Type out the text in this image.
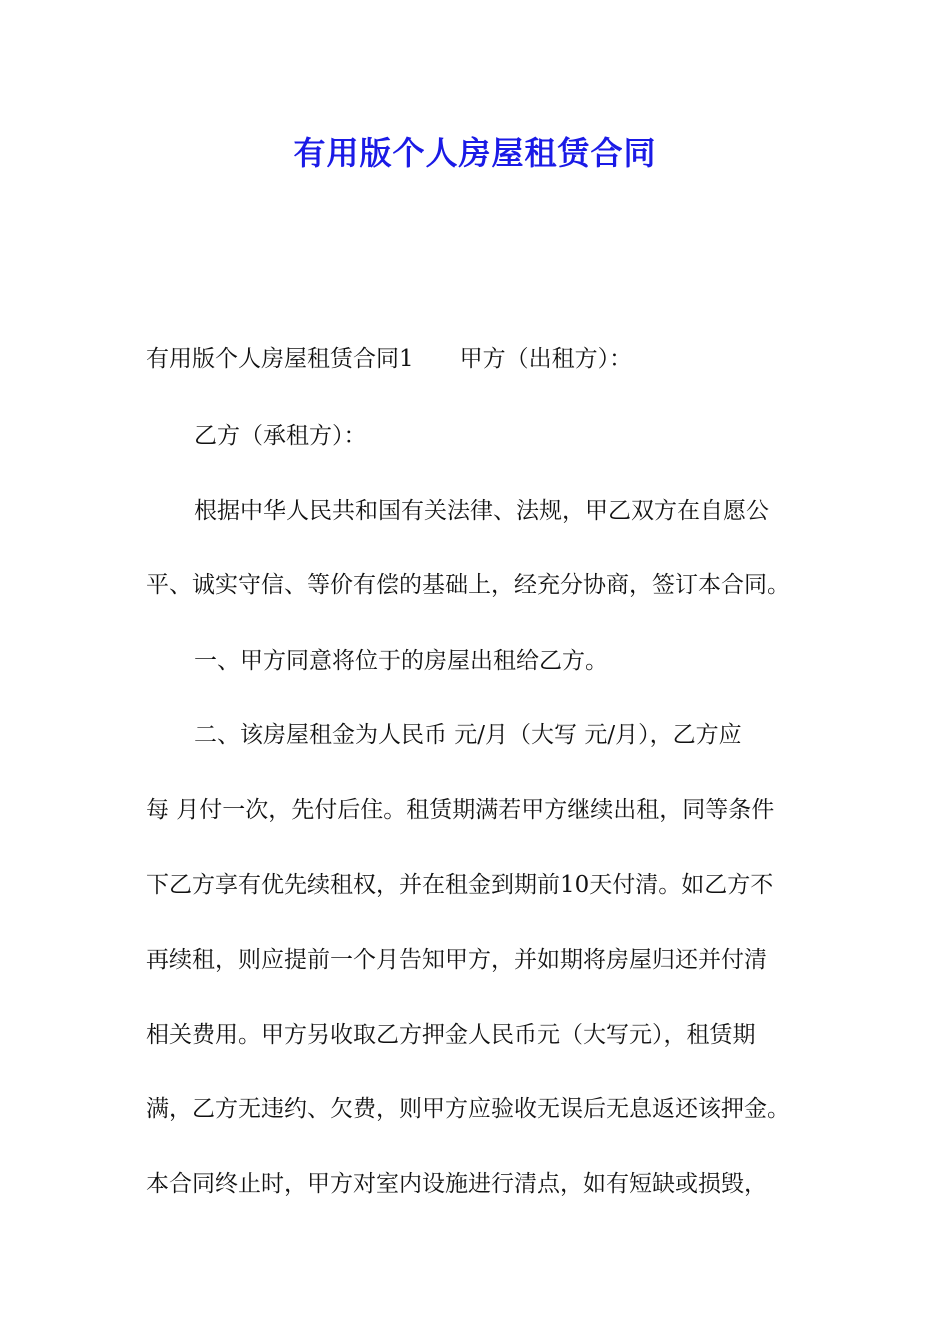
有用版个人房屋租赁合同
有用版个人房屋租赁合同1　　甲方（出租方）：
乙方（承租方）：
根据中华人民共和国有关法律、法规，甲乙双方在自愿公
平、诚实守信、等价有偿的基础上，经充分协商，签订本合同。
一、甲方同意将位于的房屋出租给乙方。
二、该房屋租金为人民币 元/月（大写 元/月），乙方应
每 月付一次，先付后住。租赁期满若甲方继续出租，同等条件
下乙方享有优先续租权，并在租金到期前10天付清。如乙方不
再续租，则应提前一个月告知甲方，并如期将房屋归还并付清
相关费用。甲方另收取乙方押金人民币元（大写元），租赁期
满，乙方无违约、欠费，则甲方应验收无误后无息返还该押金。
本合同终止时，甲方对室内设施进行清点，如有短缺或损毁，
